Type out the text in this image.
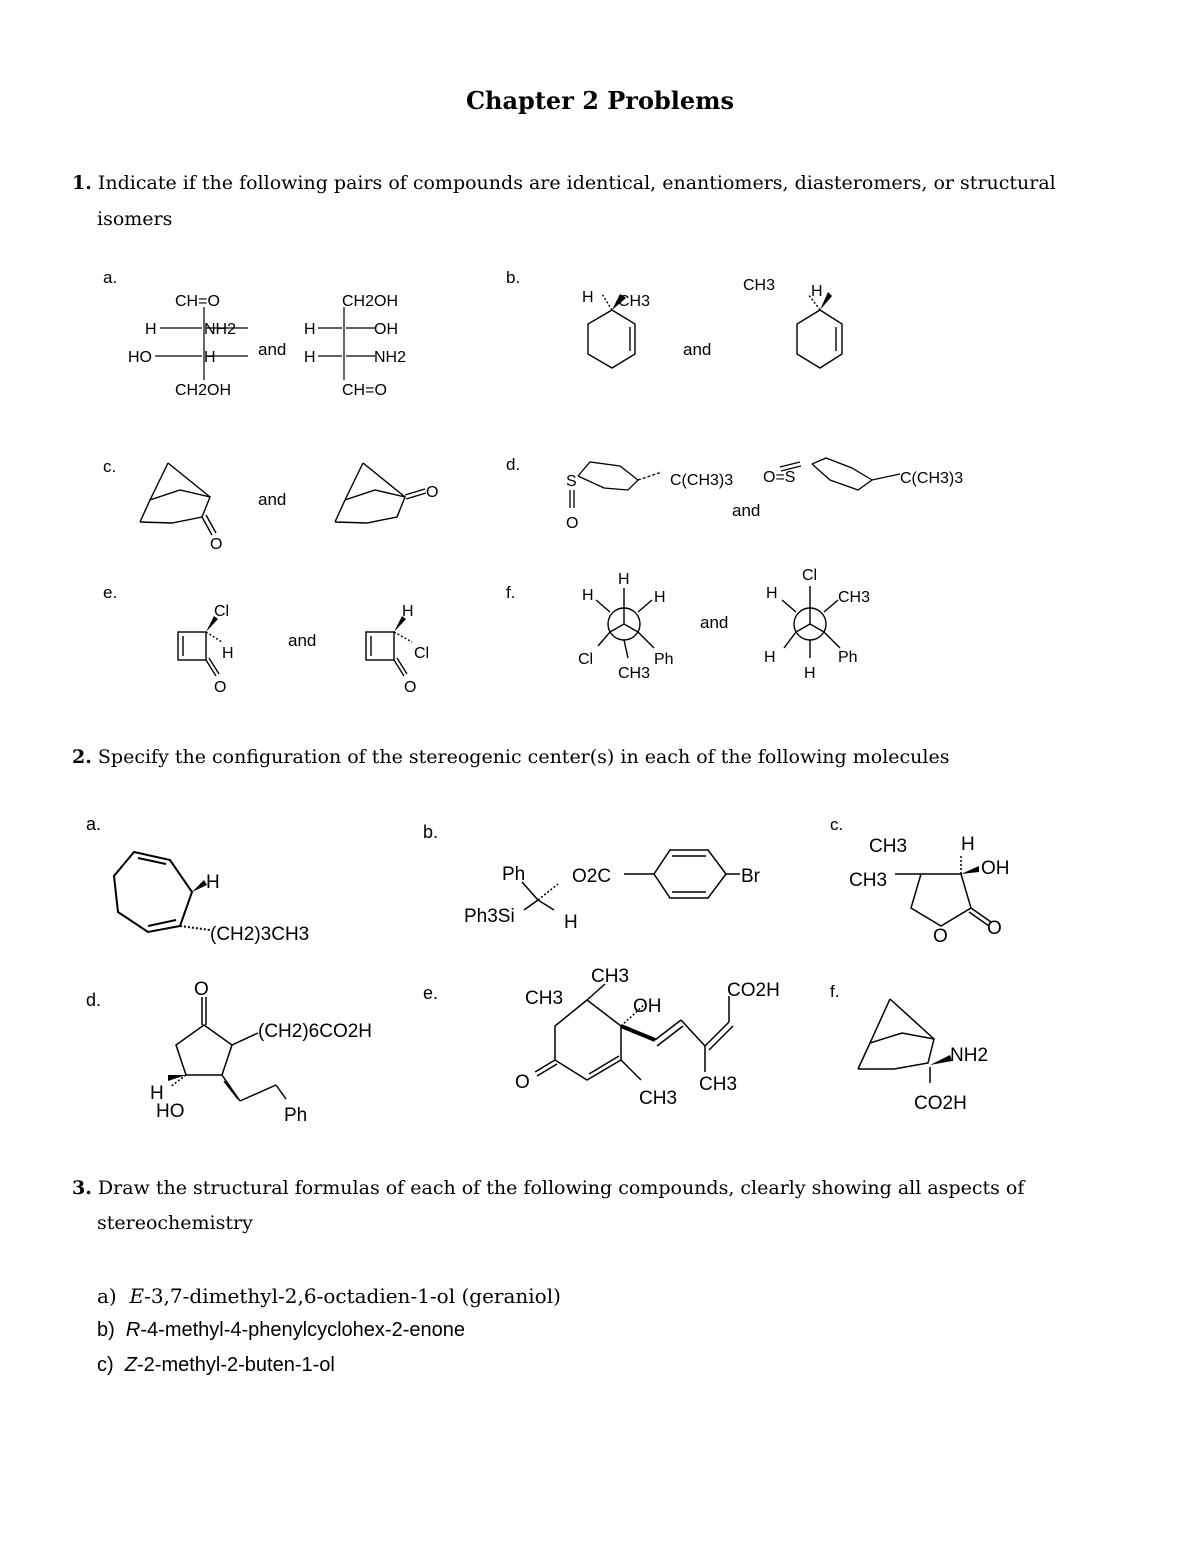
Chapter 2 Problems
1. Indicate if the following pairs of compounds are identical, enantiomers, diasteromers, or structural
isomers
a.	b.
c.	d.
e.	f.
CH=O
H	NH2
HO	H
CH2OH
and
CH2OH
H	OH
H	NH2
CH=O
H CH3
and
CH3 H
O
and	O
S
O
C(CH3)3 O=S
and
C(CH3)3
Cl
H
O
and
H
Cl
O
H
H	H
Cl	Ph
CH3
and
Cl
H	CH3
H	Ph
H
2. Specify the configuration of the stereogenic center(s) in each of the following molecules
a.	b.	c.
d.	e.	f.
H
(CH2)3CH3
Ph O2C	Br
Ph3Si	H
CH3
CH3
H
OH
O O
O
(CH2)6CO2H
H
HO	Ph
CH3
CH3
OH
CO2H
O
CH3
CH3
NH2
CO2H
3. Draw the structural formulas of each of the following compounds, clearly showing all aspects of
stereochemistry
a) E-3,7-dimethyl-2,6-octadien-1-ol (geraniol)
b) R-4-methyl-4-phenylcyclohex-2-enone
c) Z-2-methyl-2-buten-1-ol
